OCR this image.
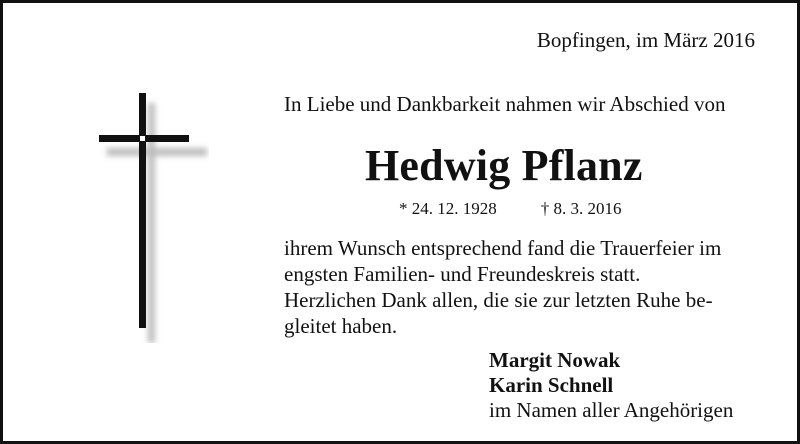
Bopfingen, im März 2016
In Liebe und Dankbarkeit nahmen wir Abschied von
Hedwig Pflanz
* 24. 12. 1928	† 8. 3. 2016
ihrem Wunsch entsprechend fand die Trauerfeier im
engsten Familien- und Freundeskreis statt.
Herzlichen Dank allen, die sie zur letzten Ruhe be-
gleitet haben.
Margit Nowak
Karin Schnell
im Namen aller Angehörigen
